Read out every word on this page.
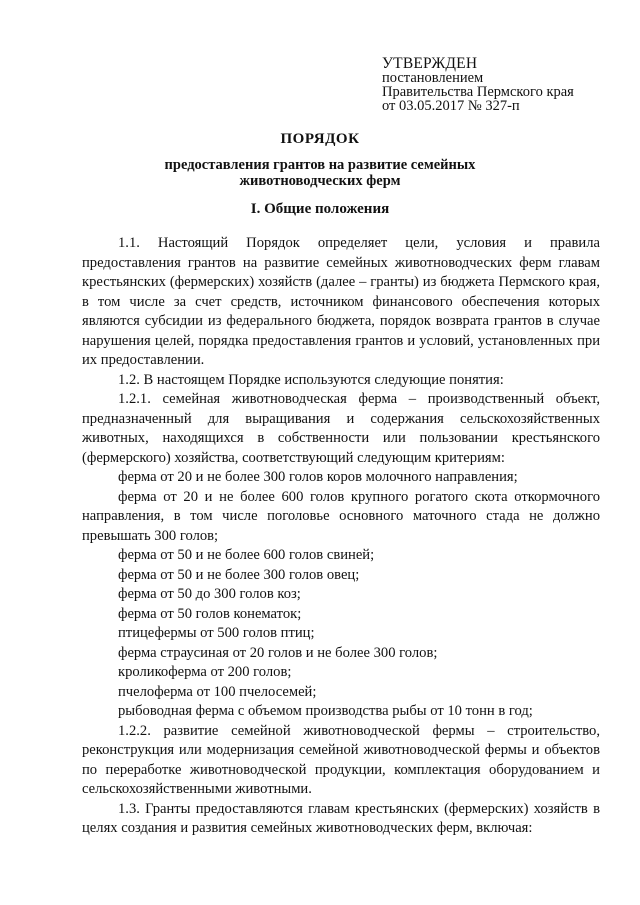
УТВЕРЖДЕН
постановлением
Правительства Пермского края
от 03.05.2017 № 327-п
ПОРЯДОК
предоставления грантов на развитие семейных
животноводческих ферм
I. Общие положения

1.1. Настоящий Порядок определяет цели, условия и правила предоставления грантов на развитие семейных животноводческих ферм главам крестьянских (фермерских) хозяйств (далее – гранты) из бюджета Пермского края, в том числе за счет средств, источником финансового обеспечения которых являются субсидии из федерального бюджета, порядок возврата грантов в случае нарушения целей, порядка предоставления грантов и условий, установленных при их предоставлении.

1.2. В настоящем Порядке используются следующие понятия:

1.2.1. семейная животноводческая ферма – производственный объект, предназначенный для выращивания и содержания сельскохозяйственных животных, находящихся в собственности или пользовании крестьянского (фермерского) хозяйства, соответствующий следующим критериям:

ферма от 20 и не более 300 голов коров молочного направления;

ферма от 20 и не более 600 голов крупного рогатого скота откормочного направления, в том числе поголовье основного маточного стада не должно превышать 300 голов;

ферма от 50 и не более 600 голов свиней;

ферма от 50 и не более 300 голов овец;

ферма от 50 до 300 голов коз;

ферма от 50 голов конематок;

птицефермы от 500 голов птиц;

ферма страусиная от 20 голов и не более 300 голов;

кроликоферма от 200 голов;

пчелоферма от 100 пчелосемей;

рыбоводная ферма с объемом производства рыбы от 10 тонн в год;

1.2.2. развитие семейной животноводческой фермы – строительство, реконструкция или модернизация семейной животноводческой фермы и объектов по переработке животноводческой продукции, комплектация оборудованием и сельскохозяйственными животными.

1.3. Гранты предоставляются главам крестьянских (фермерских) хозяйств в целях создания и развития семейных животноводческих ферм, включая:
